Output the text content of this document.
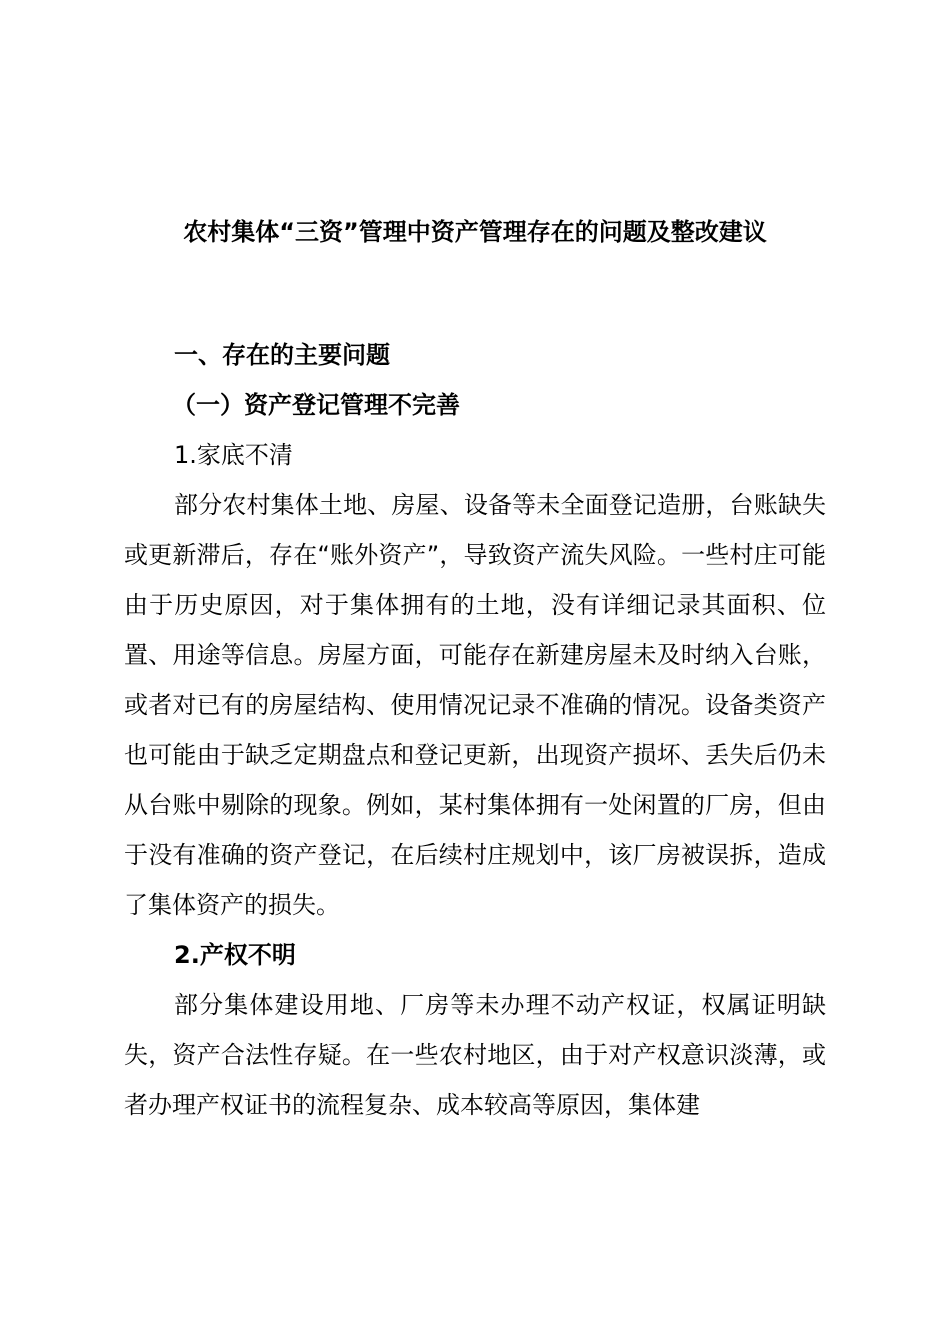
农村集体“三资”管理中资产管理存在的问题及整改建议

一、存在的主要问题

（一）资产登记管理不完善

1.家底不清

部分农村集体土地、房屋、设备等未全面登记造册，台账缺失或更新滞后，存在“账外资产”，导致资产流失风险。一些村庄可能由于历史原因，对于集体拥有的土地，没有详细记录其面积、位置、用途等信息。房屋方面，可能存在新建房屋未及时纳入台账，或者对已有的房屋结构、使用情况记录不准确的情况。设备类资产也可能由于缺乏定期盘点和登记更新，出现资产损坏、丢失后仍未从台账中剔除的现象。例如，某村集体拥有一处闲置的厂房，但由于没有准确的资产登记，在后续村庄规划中，该厂房被误拆，造成了集体资产的损失。

2.产权不明

部分集体建设用地、厂房等未办理不动产权证，权属证明缺失，资产合法性存疑。在一些农村地区，由于对产权意识淡薄，或者办理产权证书的流程复杂、成本较高等原因，集体建
